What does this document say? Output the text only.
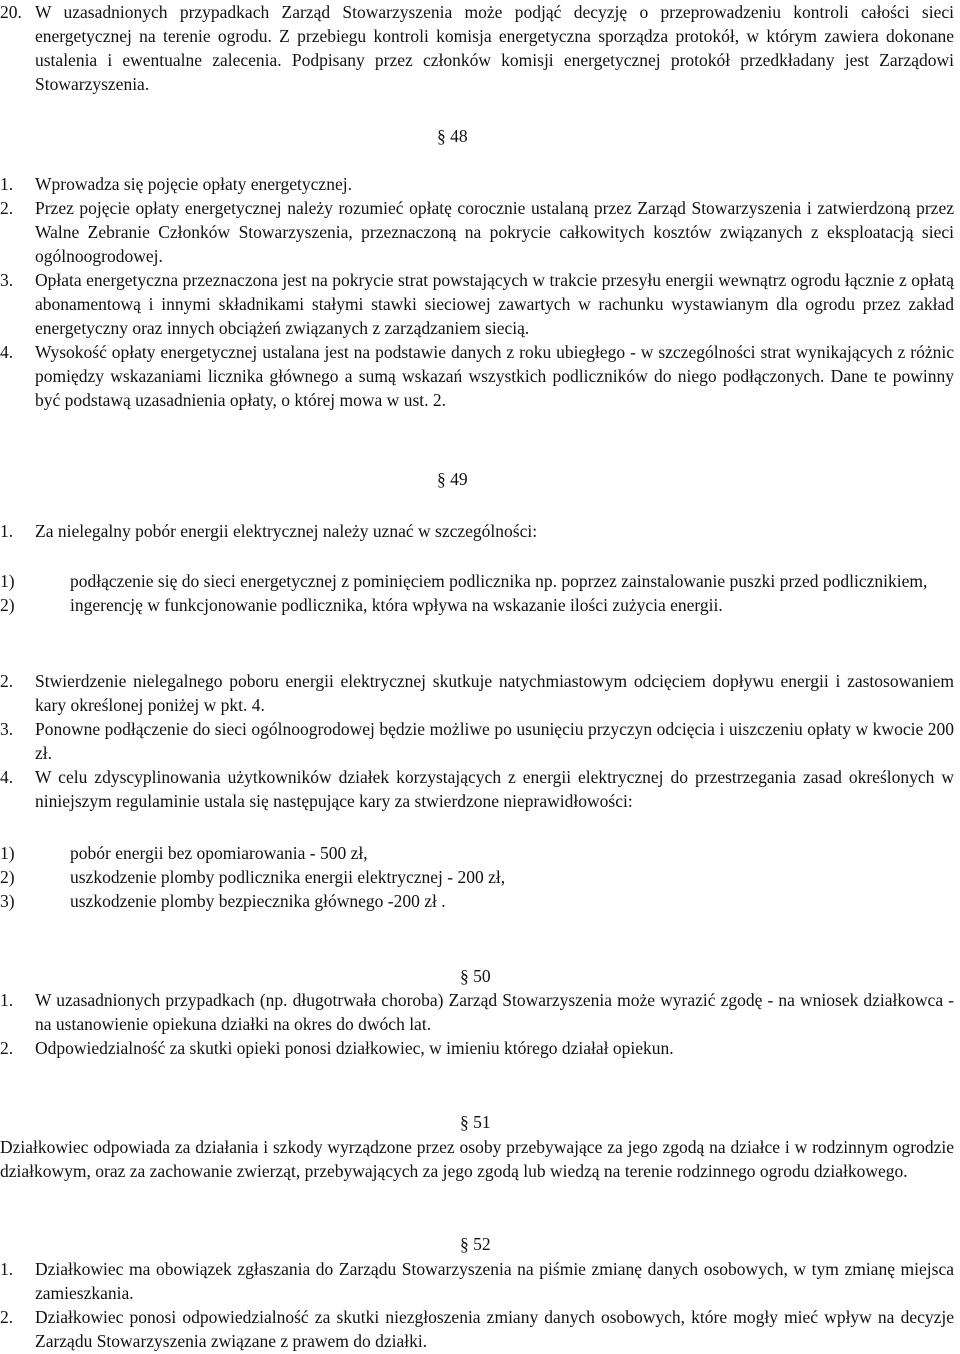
20. W uzasadnionych przypadkach Zarząd Stowarzyszenia może podjąć decyzję o przeprowadzeniu kontroli całości sieci energetycznej na terenie ogrodu. Z przebiegu kontroli komisja energetyczna sporządza protokół, w którym zawiera dokonane ustalenia i ewentualne zalecenia. Podpisany przez członków komisji energetycznej protokół przedkładany jest Zarządowi Stowarzyszenia.
§ 48
1. Wprowadza się pojęcie opłaty energetycznej.
2. Przez pojęcie opłaty energetycznej należy rozumieć opłatę corocznie ustalaną przez Zarząd Stowarzyszenia i zatwierdzoną przez Walne Zebranie Członków Stowarzyszenia, przeznaczoną na pokrycie całkowitych kosztów związanych z eksploatacją sieci ogólnoogrodowej.
3. Opłata energetyczna przeznaczona jest na pokrycie strat powstających w trakcie przesyłu energii wewnątrz ogrodu łącznie z opłatą abonamentową i innymi składnikami stałymi stawki sieciowej zawartych w rachunku wystawianym dla ogrodu przez zakład energetyczny oraz innych obciążeń związanych z zarządzaniem siecią.
4. Wysokość opłaty energetycznej ustalana jest na podstawie danych z roku ubiegłego - w szczególności strat wynikających z różnic pomiędzy wskazaniami licznika głównego a sumą wskazań wszystkich podliczników do niego podłączonych. Dane te powinny być podstawą uzasadnienia opłaty, o której mowa w ust. 2.
§ 49
1. Za nielegalny pobór energii elektrycznej należy uznać w szczególności:
1)	podłączenie się do sieci energetycznej z pominięciem podlicznika np. poprzez zainstalowanie puszki przed podlicznikiem,
2)	ingerencję w funkcjonowanie podlicznika, która wpływa na wskazanie ilości zużycia energii.
2. Stwierdzenie nielegalnego poboru energii elektrycznej skutkuje natychmiastowym odcięciem dopływu energii i zastosowaniem kary określonej poniżej w pkt. 4.
3. Ponowne podłączenie do sieci ogólnoogrodowej będzie możliwe po usunięciu przyczyn odcięcia i uiszczeniu opłaty w kwocie 200 zł.
4. W celu zdyscyplinowania użytkowników działek korzystających z energii elektrycznej do przestrzegania zasad określonych w niniejszym regulaminie ustala się następujące kary za stwierdzone nieprawidłowości:
1)	pobór energii bez opomiarowania - 500 zł,
2)	uszkodzenie plomby podlicznika energii elektrycznej - 200 zł,
3)	uszkodzenie plomby bezpiecznika głównego -200 zł .
§ 50
1. W uzasadnionych przypadkach (np. długotrwała choroba) Zarząd Stowarzyszenia może wyrazić zgodę - na wniosek działkowca - na ustanowienie opiekuna działki na okres do dwóch lat.
2. Odpowiedzialność za skutki opieki ponosi działkowiec, w imieniu którego działał opiekun.
§ 51
Działkowiec odpowiada za działania i szkody wyrządzone przez osoby przebywające za jego zgodą na działce i w rodzinnym ogrodzie działkowym, oraz za zachowanie zwierząt, przebywających za jego zgodą lub wiedzą na terenie rodzinnego ogrodu działkowego.
§ 52
1. Działkowiec ma obowiązek zgłaszania do Zarządu Stowarzyszenia na piśmie zmianę danych osobowych, w tym zmianę miejsca zamieszkania.
2. Działkowiec ponosi odpowiedzialność za skutki niezgłoszenia zmiany danych osobowych, które mogły mieć wpływ na decyzje Zarządu Stowarzyszenia związane z prawem do działki.
